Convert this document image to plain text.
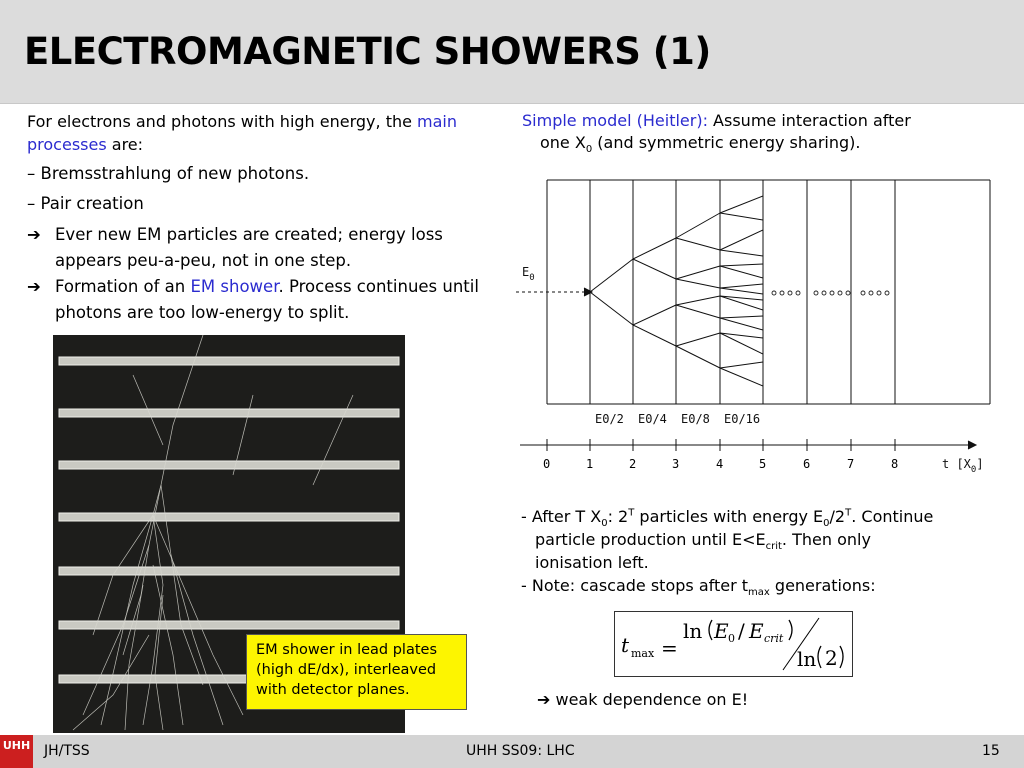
ELECTROMAGNETIC SHOWERS (1)
For electrons and photons with high energy, the main processes are:
– Bremsstrahlung of new photons.
– Pair creation
➔ Ever new EM particles are created; energy loss appears peu-a-peu, not in one step.
➔ Formation of an EM shower. Process continues until photons are too low-energy to split.
EM shower in lead plates (high dE/dx), interleaved with detector planes.
Simple model (Heitler): Assume interaction after
one $X_0$ (and symmetric energy sharing).
$E_0$
E0/2 E0/4 E0/8 E0/16
0	1	2	3	4	5	6	7	8	t $[X_0]$
- After T $X_0$: $2^T$ particles with energy $E_0/2^T$. Continue
particle production until $E<E_{crit}$. Then only
ionisation left.
- Note: cascade stops after $t_{max}$ generations:
t max =
ln E 0 / E crit
ln 2
➔ weak dependence on E!
UHH JH/TSS	UHH SS09: LHC	15
